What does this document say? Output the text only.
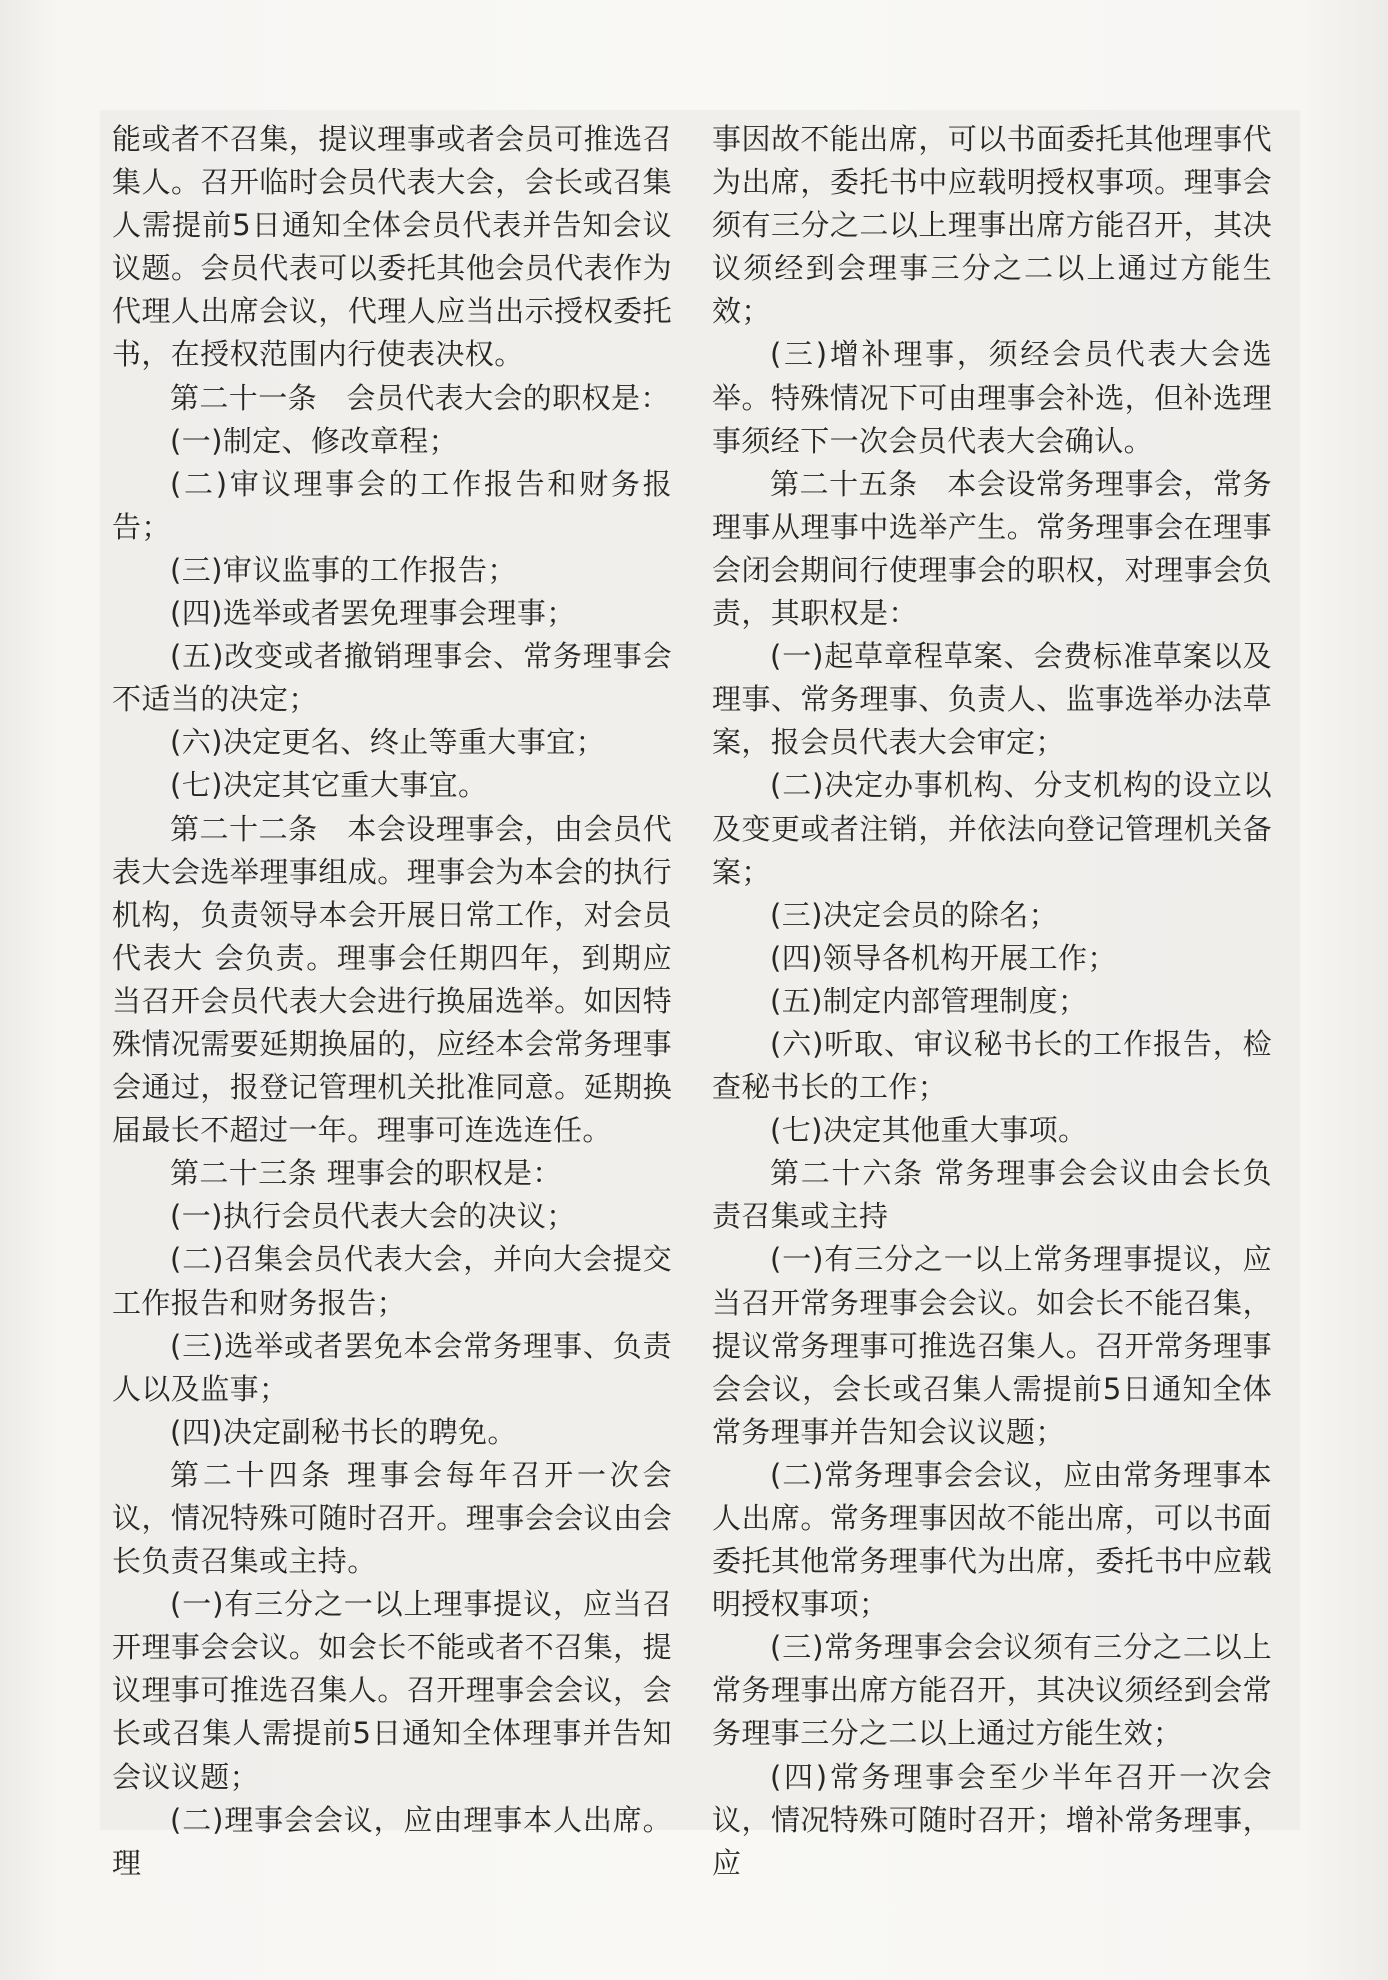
能或者不召集，提议理事或者会员可推选召集人。召开临时会员代表大会，会长或召集人需提前5日通知全体会员代表并告知会议议题。会员代表可以委托其他会员代表作为代理人出席会议，代理人应当出示授权委托书，在授权范围内行使表决权。

第二十一条　会员代表大会的职权是：

(一)制定、修改章程；

(二)审议理事会的工作报告和财务报告；

(三)审议监事的工作报告；

(四)选举或者罢免理事会理事；

(五)改变或者撤销理事会、常务理事会不适当的决定；

(六)决定更名、终止等重大事宜；

(七)决定其它重大事宜。

第二十二条　本会设理事会，由会员代表大会选举理事组成。理事会为本会的执行机构，负责领导本会开展日常工作，对会员代表大 会负责。理事会任期四年，到期应当召开会员代表大会进行换届选举。如因特殊情况需要延期换届的，应经本会常务理事会通过，报登记管理机关批准同意。延期换届最长不超过一年。理事可连选连任。

第二十三条 理事会的职权是：

(一)执行会员代表大会的决议；

(二)召集会员代表大会，并向大会提交工作报告和财务报告；

(三)选举或者罢免本会常务理事、负责人以及监事；

(四)决定副秘书长的聘免。

第二十四条 理事会每年召开一次会议，情况特殊可随时召开。理事会会议由会长负责召集或主持。

(一)有三分之一以上理事提议，应当召开理事会会议。如会长不能或者不召集，提议理事可推选召集人。召开理事会会议，会长或召集人需提前5日通知全体理事并告知会议议题；

(二)理事会会议，应由理事本人出席。理

事因故不能出席，可以书面委托其他理事代为出席，委托书中应载明授权事项。理事会须有三分之二以上理事出席方能召开，其决议须经到会理事三分之二以上通过方能生效；

(三)增补理事，须经会员代表大会选举。特殊情况下可由理事会补选，但补选理事须经下一次会员代表大会确认。

第二十五条　本会设常务理事会，常务理事从理事中选举产生。常务理事会在理事会闭会期间行使理事会的职权，对理事会负责，其职权是：

(一)起草章程草案、会费标准草案以及理事、常务理事、负责人、监事选举办法草案，报会员代表大会审定；

(二)决定办事机构、分支机构的设立以及变更或者注销，并依法向登记管理机关备案；

(三)决定会员的除名；

(四)领导各机构开展工作；

(五)制定内部管理制度；

(六)听取、审议秘书长的工作报告，检查秘书长的工作；

(七)决定其他重大事项。

第二十六条 常务理事会会议由会长负责召集或主持

(一)有三分之一以上常务理事提议，应当召开常务理事会会议。如会长不能召集，提议常务理事可推选召集人。召开常务理事会会议，会长或召集人需提前5日通知全体常务理事并告知会议议题；

(二)常务理事会会议，应由常务理事本人出席。常务理事因故不能出席，可以书面委托其他常务理事代为出席，委托书中应载明授权事项；

(三)常务理事会会议须有三分之二以上常务理事出席方能召开，其决议须经到会常务理事三分之二以上通过方能生效；

(四)常务理事会至少半年召开一次会议，情况特殊可随时召开；增补常务理事，应
